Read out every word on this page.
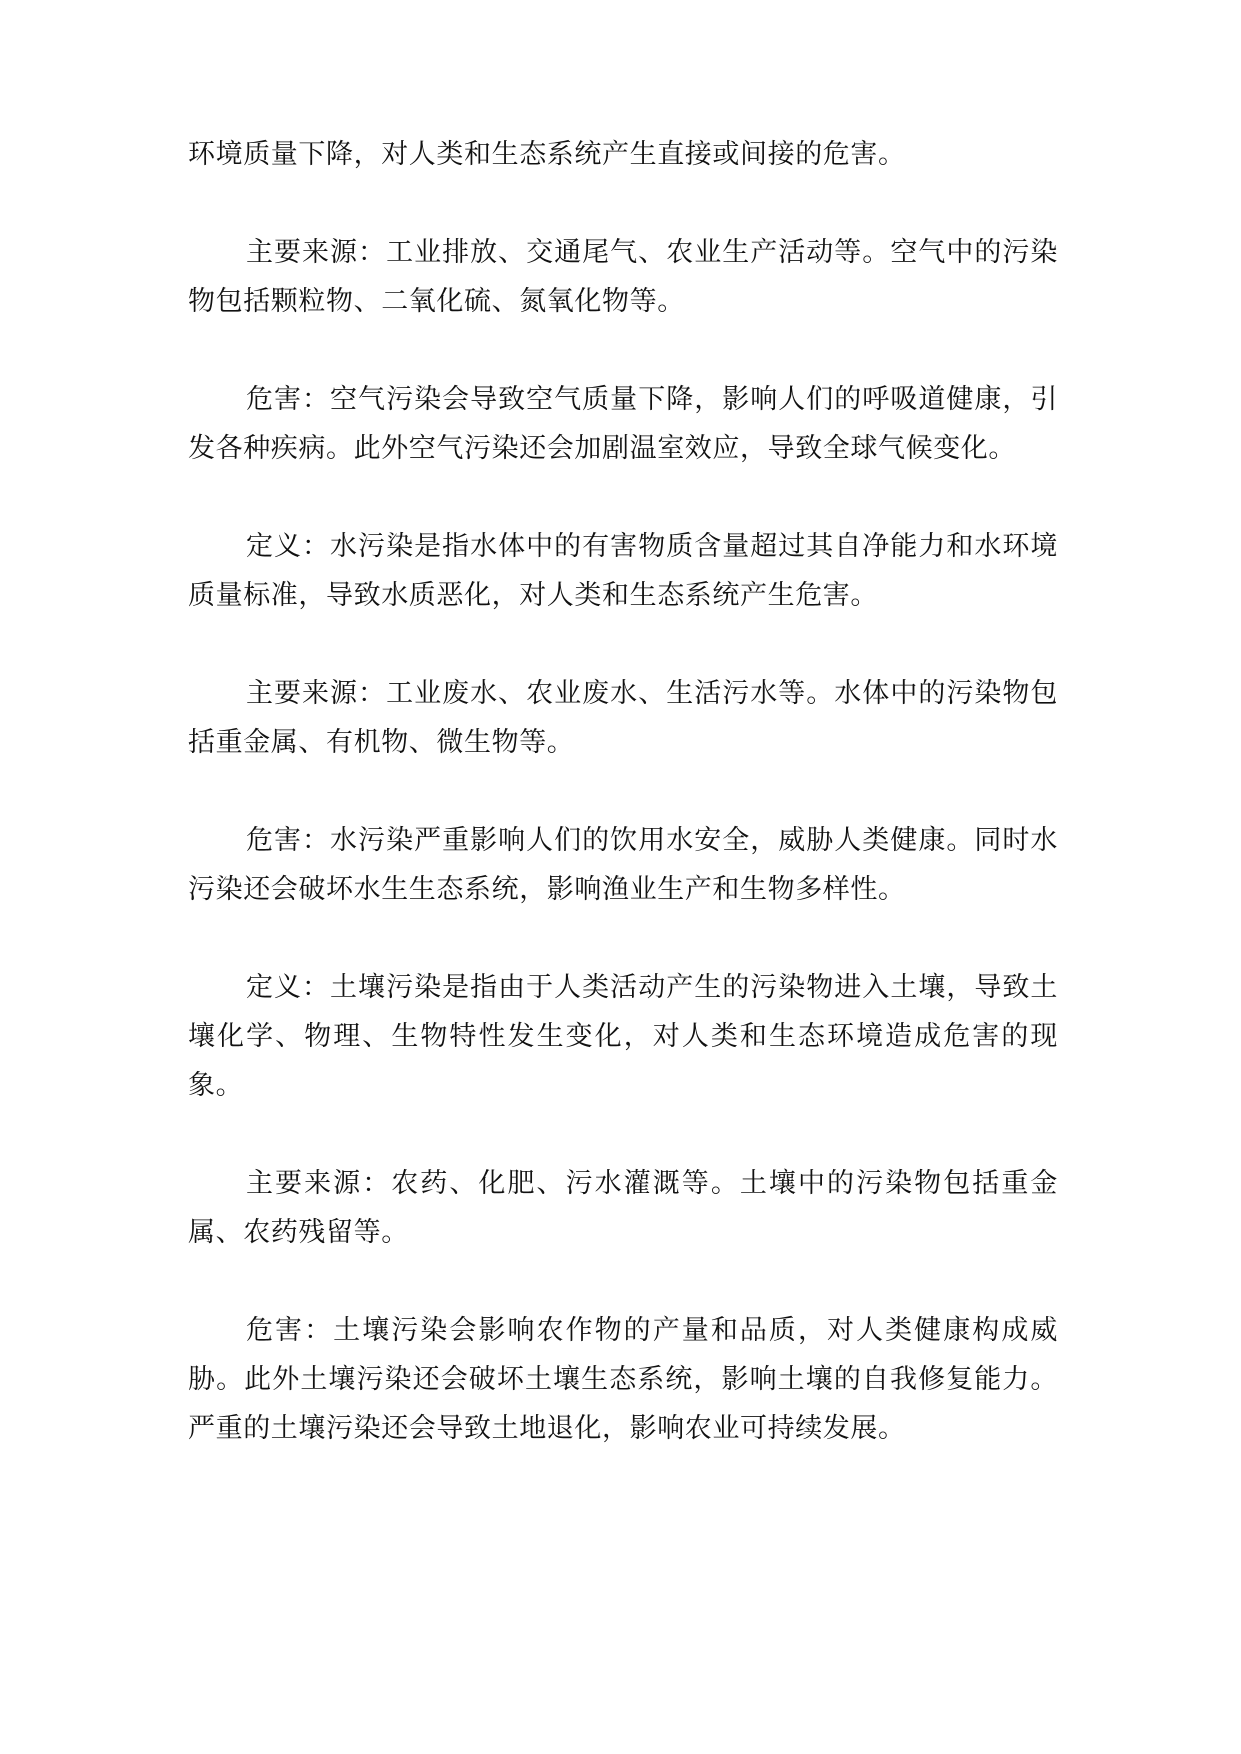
环境质量下降，对人类和生态系统产生直接或间接的危害。

主要来源：工业排放、交通尾气、农业生产活动等。空气中的污染物包括颗粒物、二氧化硫、氮氧化物等。

危害：空气污染会导致空气质量下降，影响人们的呼吸道健康，引发各种疾病。此外空气污染还会加剧温室效应，导致全球气候变化。

定义：水污染是指水体中的有害物质含量超过其自净能力和水环境质量标准，导致水质恶化，对人类和生态系统产生危害。

主要来源：工业废水、农业废水、生活污水等。水体中的污染物包括重金属、有机物、微生物等。

危害：水污染严重影响人们的饮用水安全，威胁人类健康。同时水污染还会破坏水生生态系统，影响渔业生产和生物多样性。

定义：土壤污染是指由于人类活动产生的污染物进入土壤，导致土壤化学、物理、生物特性发生变化，对人类和生态环境造成危害的现象。

主要来源：农药、化肥、污水灌溉等。土壤中的污染物包括重金属、农药残留等。

危害：土壤污染会影响农作物的产量和品质，对人类健康构成威胁。此外土壤污染还会破坏土壤生态系统，影响土壤的自我修复能力。严重的土壤污染还会导致土地退化，影响农业可持续发展。
